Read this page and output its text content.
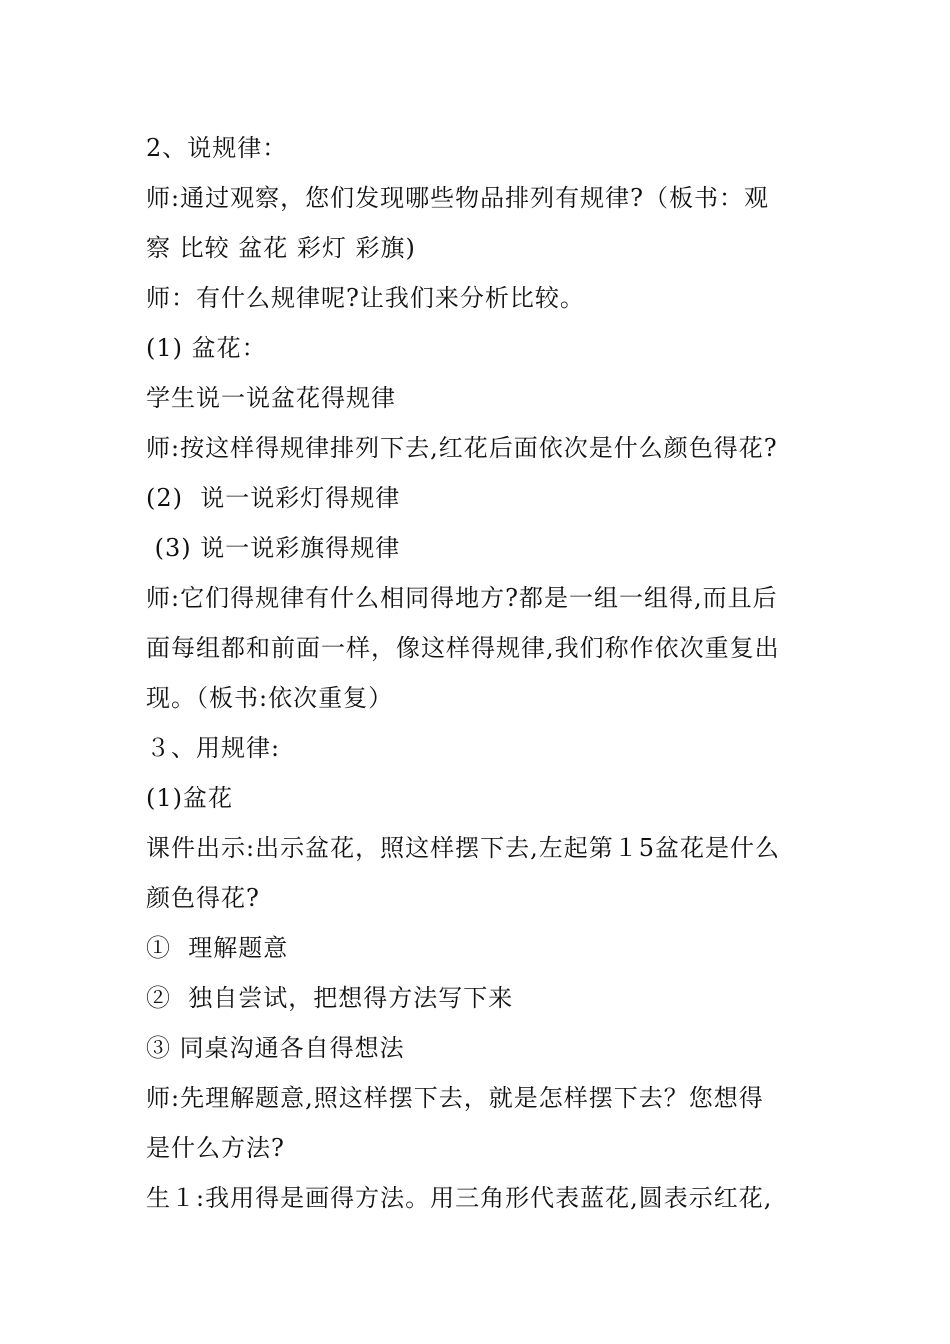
2、说规律：
师:通过观察，您们发现哪些物品排列有规律?（板书：观
察 比较 盆花 彩灯 彩旗)
师：有什么规律呢?让我们来分析比较。
(1) 盆花：
学生说一说盆花得规律
师:按这样得规律排列下去,红花后面依次是什么颜色得花?
(2)  说一说彩灯得规律
(3) 说一说彩旗得规律
师:它们得规律有什么相同得地方?都是一组一组得,而且后
面每组都和前面一样，像这样得规律,我们称作依次重复出
现。（板书:依次重复）
３、用规律:
(1)盆花
课件出示:出示盆花，照这样摆下去,左起第１5盆花是什么
颜色得花?
①  理解题意
②  独自尝试，把想得方法写下来
③ 同桌沟通各自得想法
师:先理解题意,照这样摆下去，就是怎样摆下去？您想得
是什么方法?
生１:我用得是画得方法。用三角形代表蓝花,圆表示红花,
